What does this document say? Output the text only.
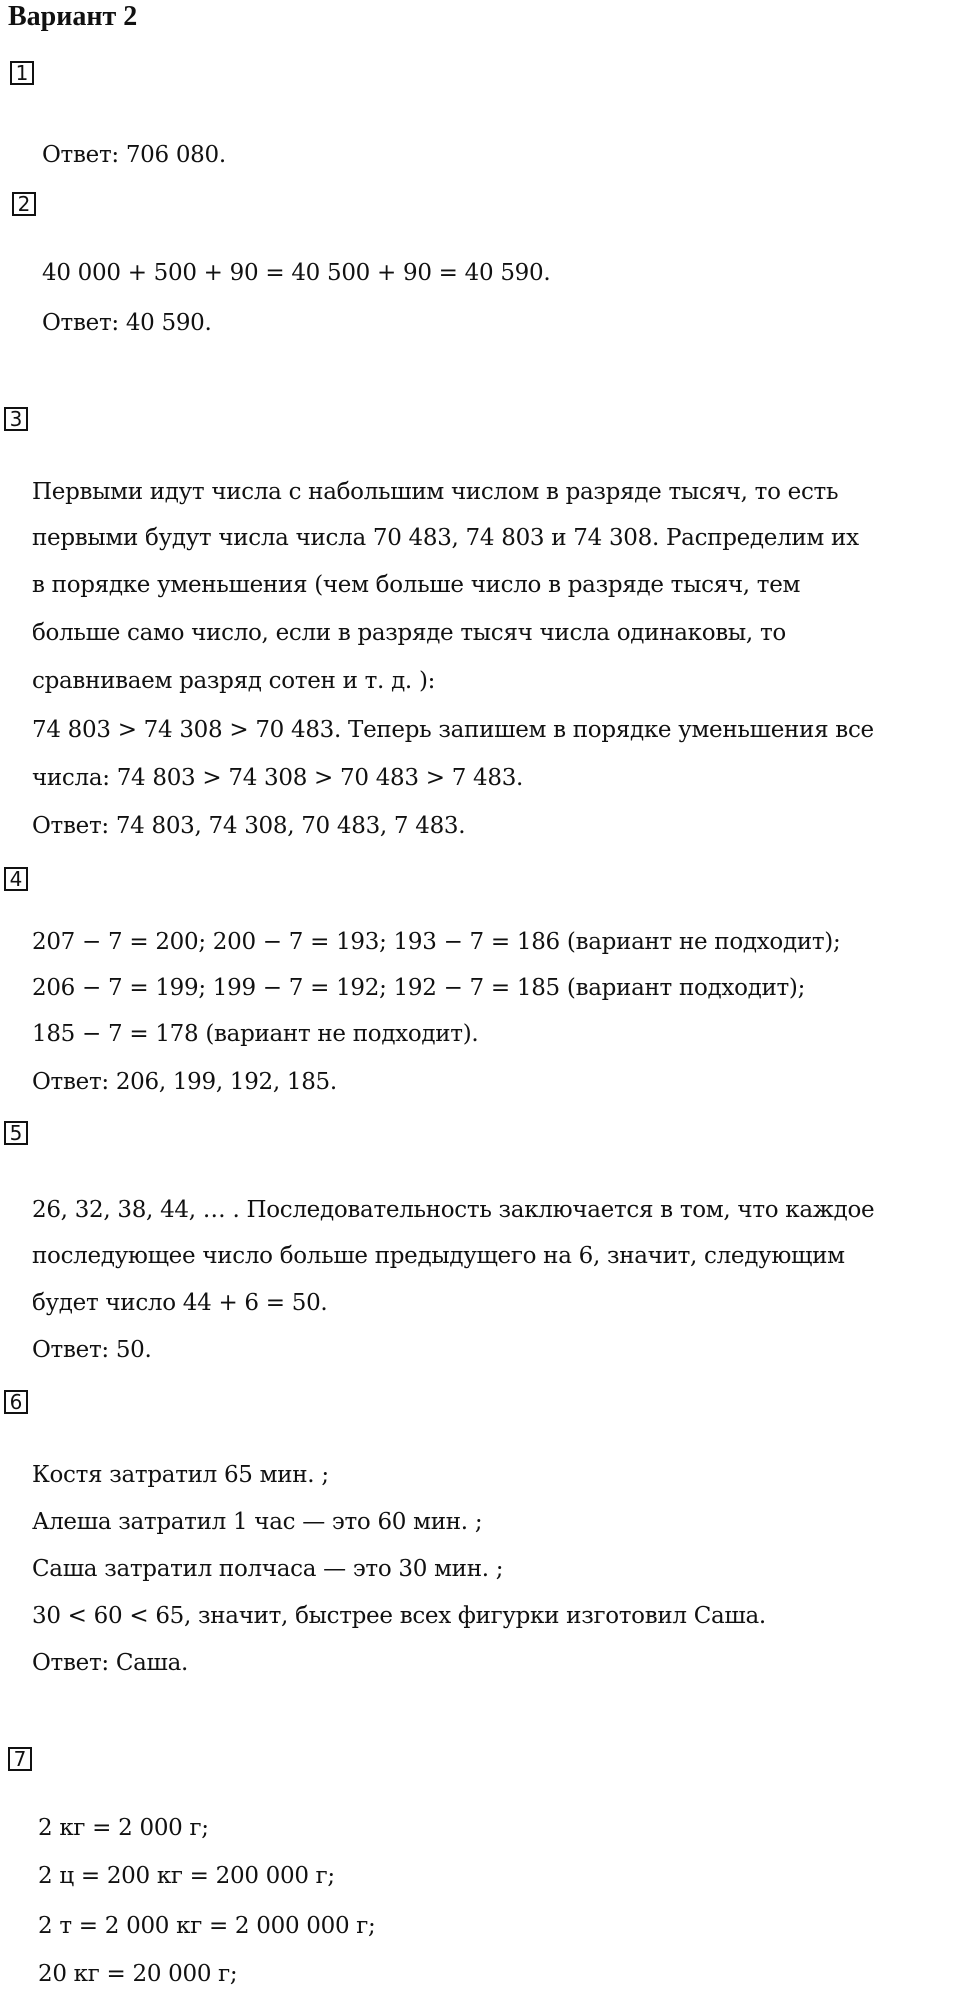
Вариант 2
1
Ответ: 706 080.
2
40 000 + 500 + 90 = 40 500 + 90 = 40 590.
Ответ: 40 590.
3
Первыми идут числа с набольшим числом в разряде тысяч, то есть
первыми будут числа числа 70 483, 74 803 и 74 308. Распределим их
в порядке уменьшения (чем больше число в разряде тысяч, тем
больше само число, если в разряде тысяч числа одинаковы, то
сравниваем разряд сотен и т. д. ):
74 803 > 74 308 > 70 483. Теперь запишем в порядке уменьшения все
числа: 74 803 > 74 308 > 70 483 > 7 483.
Ответ: 74 803, 74 308, 70 483, 7 483.
4
207 − 7 = 200; 200 − 7 = 193; 193 − 7 = 186 (вариант не подходит);
206 − 7 = 199; 199 − 7 = 192; 192 − 7 = 185 (вариант подходит);
185 − 7 = 178 (вариант не подходит).
Ответ: 206, 199, 192, 185.
5
26, 32, 38, 44, … . Последовательность заключается в том, что каждое
последующее число больше предыдущего на 6, значит, следующим
будет число 44 + 6 = 50.
Ответ: 50.
6
Костя затратил 65 мин. ;
Алеша затратил 1 час — это 60 мин. ;
Саша затратил полчаса — это 30 мин. ;
30 < 60 < 65, значит, быстрее всех фигурки изготовил Саша.
Ответ: Саша.
7
2 кг = 2 000 г;
2 ц = 200 кг = 200 000 г;
2 т = 2 000 кг = 2 000 000 г;
20 кг = 20 000 г;
